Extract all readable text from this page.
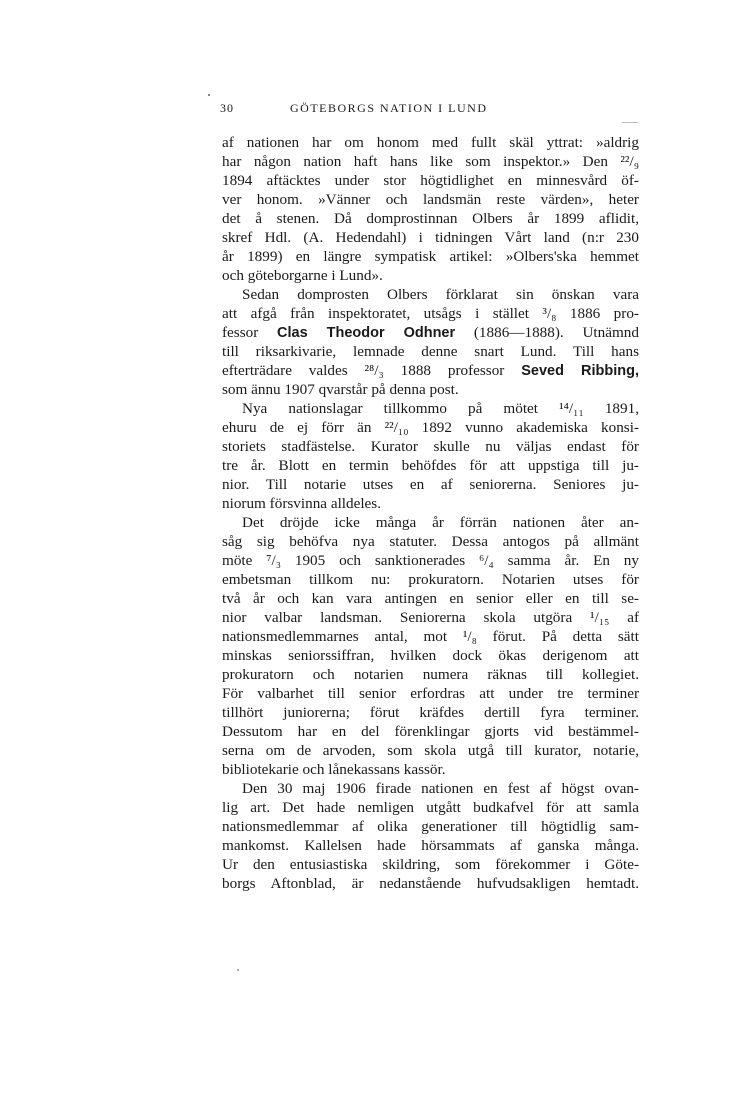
30	GÖTEBORGS NATION I LUND
af nationen har om honom med fullt skäl yttrat: »aldrig
har någon nation haft hans like som inspektor.» Den ²²/₉
1894 aftäcktes under stor högtidlighet en minnesvård öf-
ver honom. »Vänner och landsmän reste värden», heter
det å stenen. Då domprostinnan Olbers år 1899 aflidit,
skref Hdl. (A. Hedendahl) i tidningen Vårt land (n:r 230
år 1899) en längre sympatisk artikel: »Olbers'ska hemmet
och göteborgarne i Lund».
Sedan domprosten Olbers förklarat sin önskan vara
att afgå från inspektoratet, utsågs i stället ³/₈ 1886 pro-
fessor Clas Theodor Odhner (1886—1888). Utnämnd
till riksarkivarie, lemnade denne snart Lund. Till hans
efterträdare valdes ²⁸/₃ 1888 professor Seved Ribbing,
som ännu 1907 qvarstår på denna post.
Nya nationslagar tillkommo på mötet ¹⁴/₁₁ 1891,
ehuru de ej förr än ²²/₁₀ 1892 vunno akademiska konsi-
storiets stadfästelse. Kurator skulle nu väljas endast för
tre år. Blott en termin behöfdes för att uppstiga till ju-
nior. Till notarie utses en af seniorerna. Seniores ju-
niorum försvinna alldeles.
Det dröjde icke många år förrän nationen åter an-
såg sig behöfva nya statuter. Dessa antogos på allmänt
möte ⁷/₃ 1905 och sanktionerades ⁶/₄ samma år. En ny
embetsman tillkom nu: prokuratorn. Notarien utses för
två år och kan vara antingen en senior eller en till se-
nior valbar landsman. Seniorerna skola utgöra ¹/₁₅ af
nationsmedlemmarnes antal, mot ¹/₈ förut. På detta sätt
minskas seniorssiffran, hvilken dock ökas derigenom att
prokuratorn och notarien numera räknas till kollegiet.
För valbarhet till senior erfordras att under tre terminer
tillhört juniorerna; förut kräfdes dertill fyra terminer.
Dessutom har en del förenklingar gjorts vid bestämmel-
serna om de arvoden, som skola utgå till kurator, notarie,
bibliotekarie och lånekassans kassör.
Den 30 maj 1906 firade nationen en fest af högst ovan-
lig art. Det hade nemligen utgått budkafvel för att samla
nationsmedlemmar af olika generationer till högtidlig sam-
mankomst. Kallelsen hade hörsammats af ganska många.
Ur den entusiastiska skildring, som förekommer i Göte-
borgs Aftonblad, är nedanstående hufvudsakligen hemtadt.
